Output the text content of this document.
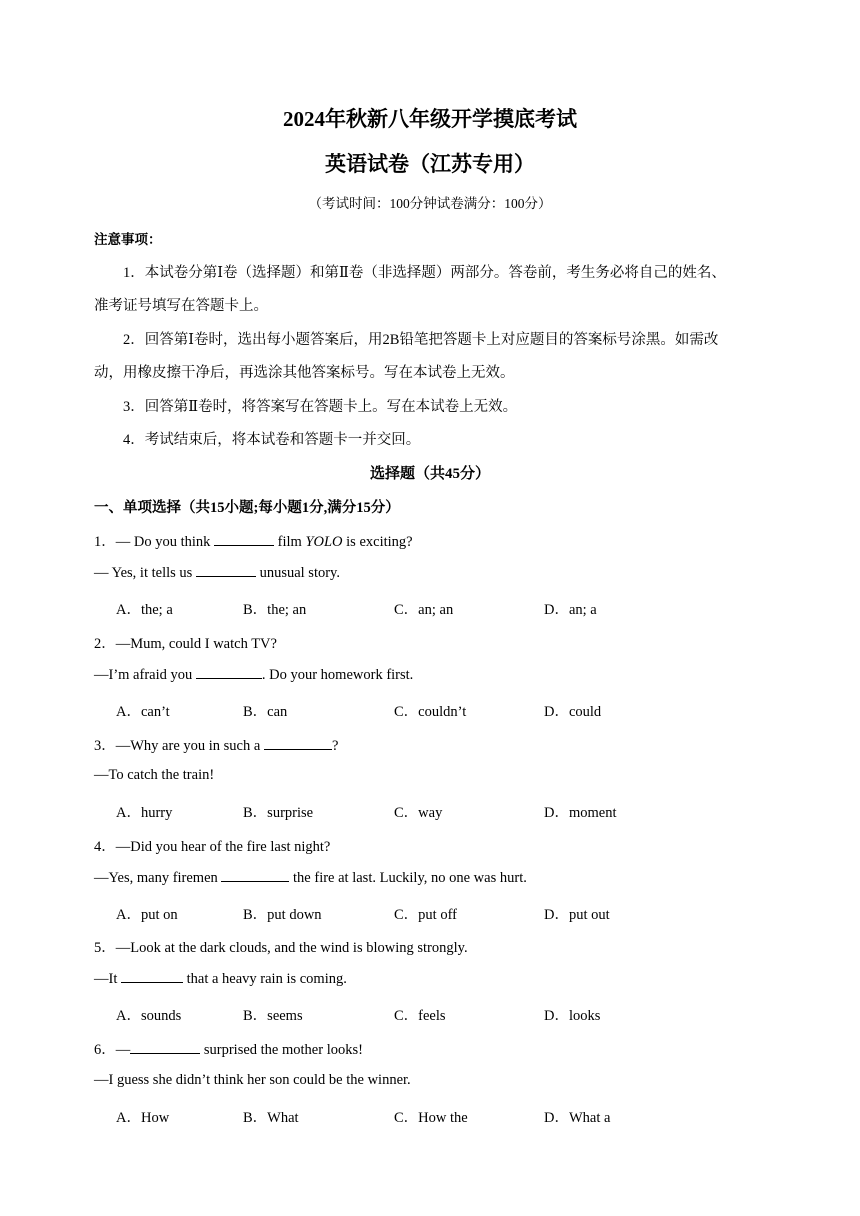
2024年秋新八年级开学摸底考试
英语试卷（江苏专用）
（考试时间：100分钟试卷满分：100分）
注意事项：
1．本试卷分第Ⅰ卷（选择题）和第Ⅱ卷（非选择题）两部分。答卷前，考生务必将自己的姓名、
准考证号填写在答题卡上。
2．回答第Ⅰ卷时，选出每小题答案后，用2B铅笔把答题卡上对应题目的答案标号涂黑。如需改
动，用橡皮擦干净后，再选涂其他答案标号。写在本试卷上无效。
3．回答第Ⅱ卷时，将答案写在答题卡上。写在本试卷上无效。
4．考试结束后，将本试卷和答题卡一并交回。
选择题（共45分）
一、单项选择（共15小题;每小题1分,满分15分）
1．— Do you think	film YOLO is exciting?
— Yes, it tells us	unusual story.
A．the; a	B．the; an	C．an; an	D．an; a
2．—Mum, could I watch TV?
—I’m afraid you	. Do your homework first.
A．can’t	B．can	C．couldn’t	D．could
3．—Why are you in such a	?
—To catch the train!
A．hurry	B．surprise	C．way	D．moment
4．—Did you hear of the fire last night?
—Yes, many firemen	the fire at last. Luckily, no one was hurt.
A．put on	B．put down	C．put off	D．put out
5．—Look at the dark clouds, and the wind is blowing strongly.
—It	that a heavy rain is coming.
A．sounds	B．seems	C．feels	D．looks
6．—	surprised the mother looks!
—I guess she didn’t think her son could be the winner.
A．How	B．What	C．How the	D．What a
